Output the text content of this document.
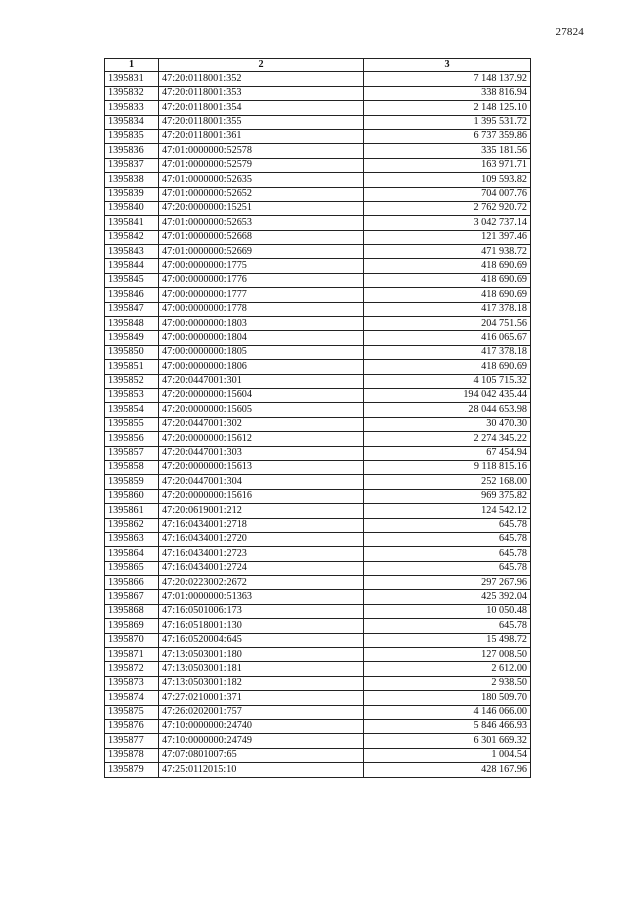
27824
1	2	3
1395831	47:20:0118001:352	7 148 137.92
1395832	47:20:0118001:353	338 816.94
1395833	47:20:0118001:354	2 148 125.10
1395834	47:20:0118001:355	1 395 531.72
1395835	47:20:0118001:361	6 737 359.86
1395836	47:01:0000000:52578	335 181.56
1395837	47:01:0000000:52579	163 971.71
1395838	47:01:0000000:52635	109 593.82
1395839	47:01:0000000:52652	704 007.76
1395840	47:20:0000000:15251	2 762 920.72
1395841	47:01:0000000:52653	3 042 737.14
1395842	47:01:0000000:52668	121 397.46
1395843	47:01:0000000:52669	471 938.72
1395844	47:00:0000000:1775	418 690.69
1395845	47:00:0000000:1776	418 690.69
1395846	47:00:0000000:1777	418 690.69
1395847	47:00:0000000:1778	417 378.18
1395848	47:00:0000000:1803	204 751.56
1395849	47:00:0000000:1804	416 065.67
1395850	47:00:0000000:1805	417 378.18
1395851	47:00:0000000:1806	418 690.69
1395852	47:20:0447001:301	4 105 715.32
1395853	47:20:0000000:15604	194 042 435.44
1395854	47:20:0000000:15605	28 044 653.98
1395855	47:20:0447001:302	30 470.30
1395856	47:20:0000000:15612	2 274 345.22
1395857	47:20:0447001:303	67 454.94
1395858	47:20:0000000:15613	9 118 815.16
1395859	47:20:0447001:304	252 168.00
1395860	47:20:0000000:15616	969 375.82
1395861	47:20:0619001:212	124 542.12
1395862	47:16:0434001:2718	645.78
1395863	47:16:0434001:2720	645.78
1395864	47:16:0434001:2723	645.78
1395865	47:16:0434001:2724	645.78
1395866	47:20:0223002:2672	297 267.96
1395867	47:01:0000000:51363	425 392.04
1395868	47:16:0501006:173	10 050.48
1395869	47:16:0518001:130	645.78
1395870	47:16:0520004:645	15 498.72
1395871	47:13:0503001:180	127 008.50
1395872	47:13:0503001:181	2 612.00
1395873	47:13:0503001:182	2 938.50
1395874	47:27:0210001:371	180 509.70
1395875	47:26:0202001:757	4 146 066.00
1395876	47:10:0000000:24740	5 846 466.93
1395877	47:10:0000000:24749	6 301 669.32
1395878	47:07:0801007:65	1 004.54
1395879	47:25:0112015:10	428 167.96
